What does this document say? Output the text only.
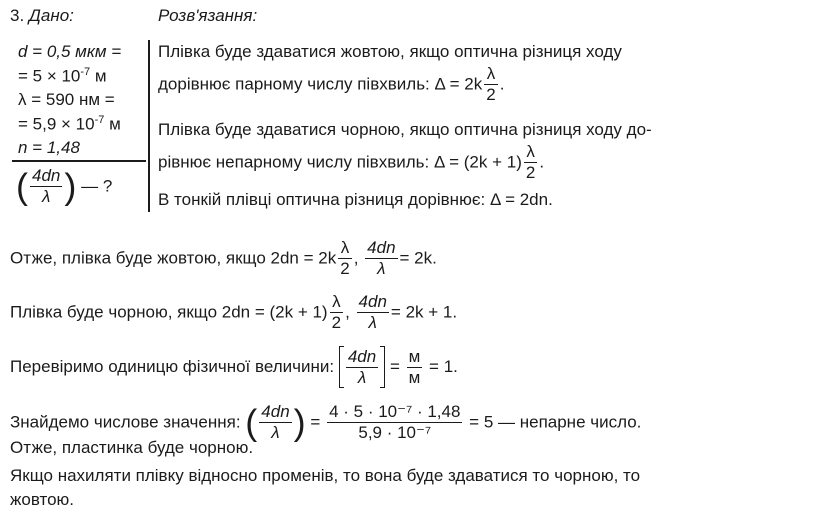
3. Дано:	Розв'язання:
d = 0,5 мкм =
= $5 \times 10^{-7}$ м
λ = 590 нм =
= $5,9 \times 10^{-7}$ м
n = 1,48
( $\frac{4dn}{\lambda}$ ) — ?
Плівка буде здаватися жовтою, якщо оптична різниця ходу
дорівнює парному числу півхвиль: $\Delta = 2k \frac{\lambda}{2}$ .
Плівка буде здаватися чорною, якщо оптична різниця ходу до-
рівнює непарному числу півхвиль: $\Delta = (2k + 1) \frac{\lambda}{2}$ .
В тонкій плівці оптична різниця дорівнює: Δ = 2dn.
Отже, плівка буде жовтою, якщо $2dn = 2k \frac{\lambda}{2}$ , $\frac{4dn}{\lambda} = 2k$.
Плівка буде чорною, якщо $2dn = (2k + 1) \frac{\lambda}{2}$ , $\frac{4dn}{\lambda} = 2k + 1$.
Перевіримо одиницю фізичної величини: $\frac{4dn}{\lambda} = \frac{м}{м} = 1$.
Знайдемо числове значення: ( $\frac{4dn}{\lambda}$ ) = $\frac{\text{4 · 5 · 10⁻⁷ · 1,48}}{\text{5,9 · 10⁻⁷}} = 5$ — непарне число.
Отже, пластинка буде чорною.
Якщо нахиляти плівку відносно променів, то вона буде здаватися то чорною, то
жовтою.
